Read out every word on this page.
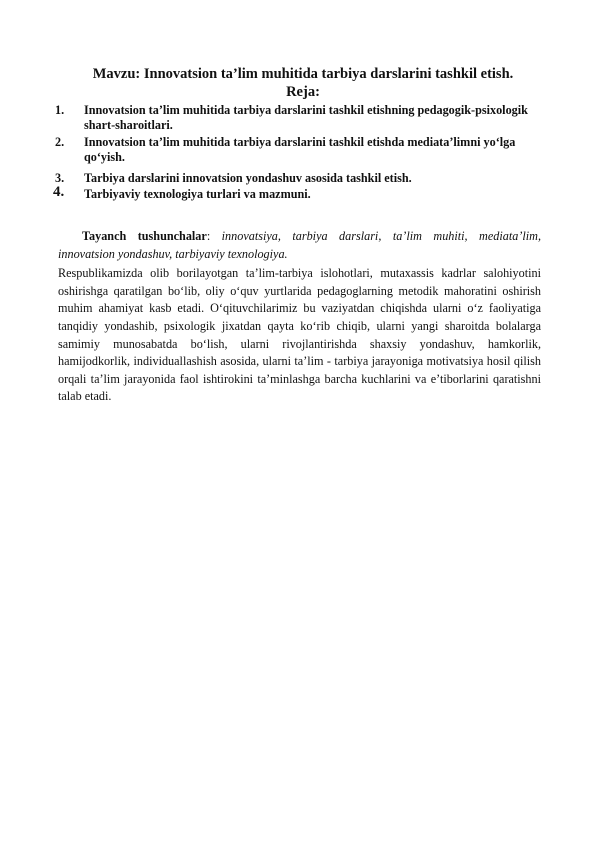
Mavzu: Innovatsion ta’lim muhitida tarbiya darslarini tashkil etish.
Reja:
1. Innovatsion ta’lim muhitida tarbiya darslarini tashkil etishning pedagogik-psixologik shart-sharoitlari.
2. Innovatsion ta’lim muhitida tarbiya darslarini tashkil etishda mediata’limni yo‘lga qo‘yish.
3. Tarbiya darslarini innovatsion yondashuv asosida tashkil etish.
4. Tarbiyaviy texnologiya turlari va mazmuni.

Tayanch tushunchalar: innovatsiya, tarbiya darslari, ta’lim muhiti, mediata’lim, innovatsion yondashuv, tarbiyaviy texnologiya.

Respublikamizda olib borilayotgan ta’lim-tarbiya islohotlari, mutaxassis kadrlar salohiyotini oshirishga qaratilgan bo‘lib, oliy o‘quv yurtlarida pedagoglarning metodik mahoratini oshirish muhim ahamiyat kasb etadi. O‘qituvchilarimiz bu vaziyatdan chiqishda ularni o‘z faoliyatiga tanqidiy yondashib, psixologik jixatdan qayta ko‘rib chiqib, ularni yangi sharoitda bolalarga samimiy munosabatda bo‘lish, ularni rivojlantirishda shaxsiy yondashuv, hamkorlik, hamijodkorlik, individuallashish asosida, ularni ta’lim - tarbiya jarayoniga motivatsiya hosil qilish orqali ta’lim jarayonida faol ishtirokini ta’minlashga barcha kuchlarini va e’tiborlarini qaratishni talab etadi.
